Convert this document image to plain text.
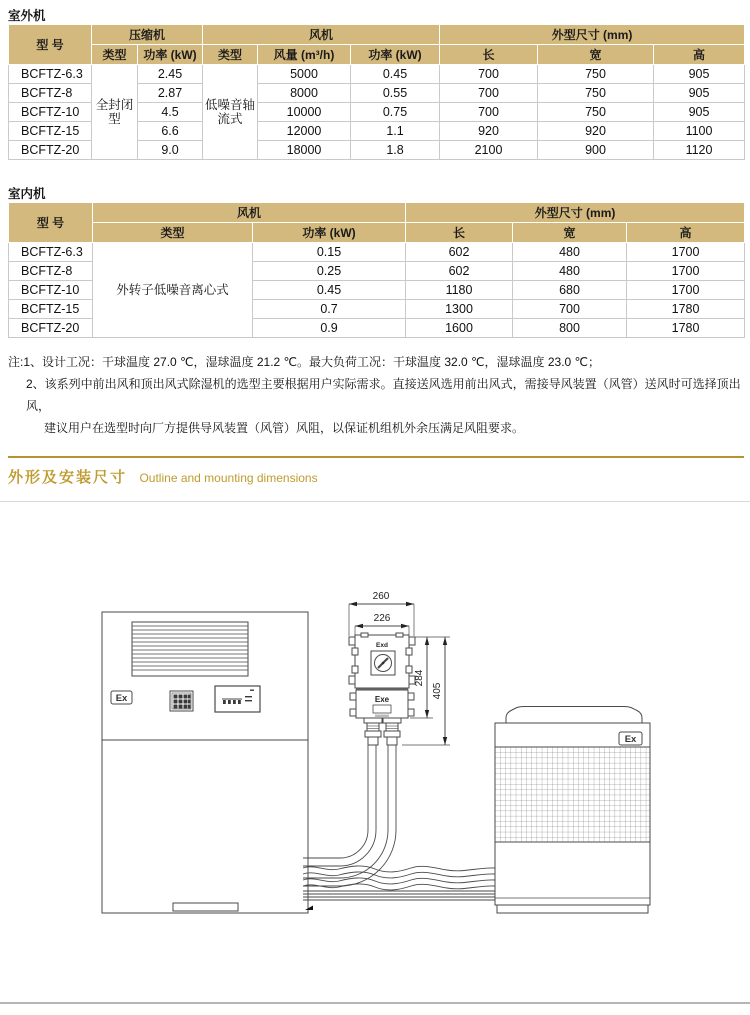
室外机
型 号	压缩机		风机			外型尺寸 (mm)		
	类型	功率 (kW)	类型	风量 (m³/h)	功率 (kW)	长	宽	高
BCFTZ-6.3	全封闭型	2.45	低噪音轴流式	5000	0.45	700	750	905
BCFTZ-8		2.87		8000	0.55	700	750	905
BCFTZ-10		4.5		10000	0.75	700	750	905
BCFTZ-15		6.6		12000	1.1	920	920	1100
BCFTZ-20		9.0		18000	1.8	2100	900	1120
室内机
型 号	风机		外型尺寸 (mm)		
	类型	功率 (kW)	长	宽	高
BCFTZ-6.3	外转子低噪音离心式	0.15	602	480	1700
BCFTZ-8		0.25	602	480	1700
BCFTZ-10		0.45	1180	680	1700
BCFTZ-15		0.7	1300	700	1780
BCFTZ-20		0.9	1600	800	1780
注:1、设计工况：干球温度 27.0 ℃，湿球温度 21.2 ℃。最大负荷工况：干球温度 32.0 ℃，湿球温度 23.0 ℃；
2、该系列中前出风和顶出风式除湿机的选型主要根据用户实际需求。直接送风选用前出风式，需接导风装置（风管）送风时可选择顶出风，
建议用户在选型时向厂方提供导风装置（风管）风阻，以保证机组机外余压满足风阻要求。
外形及安装尺寸 Outline and mounting dimensions
Ex
260
226
Exd
Exe
284
405
Ex
